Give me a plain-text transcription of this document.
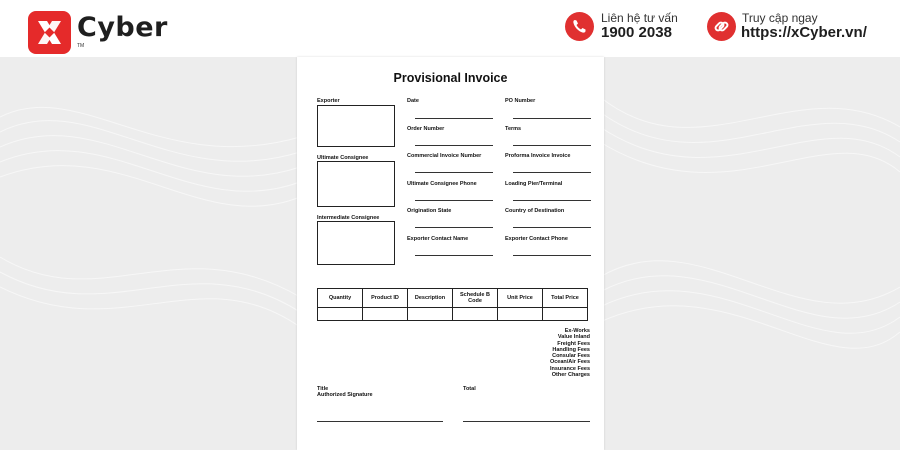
Cyber
TM
Liên hệ tư vấn
1900 2038
Truy cập ngay
https://xCyber.vn/
Provisional Invoice
Exporter
Ultimate Consignee
Intermediate Consignee
Date	PO Number
Order Number	Terms
Commercial Invoice Number	Proforma Invoice Invoice
Ultimate Consignee Phone	Loading Pier/Terminal
Origination State	Country of Destination
Exporter Contact Name	Exporter Contact Phone
Quantity	Product ID	Description	Schedule B Code	Unit Price	Total Price

Ex-Works
Value Inland
Freight Fees
Handling Fees
Consular Fees
Ocean/Air Fees
Insurance Fees
Other Charges
Title
Authorized Signature
Total
